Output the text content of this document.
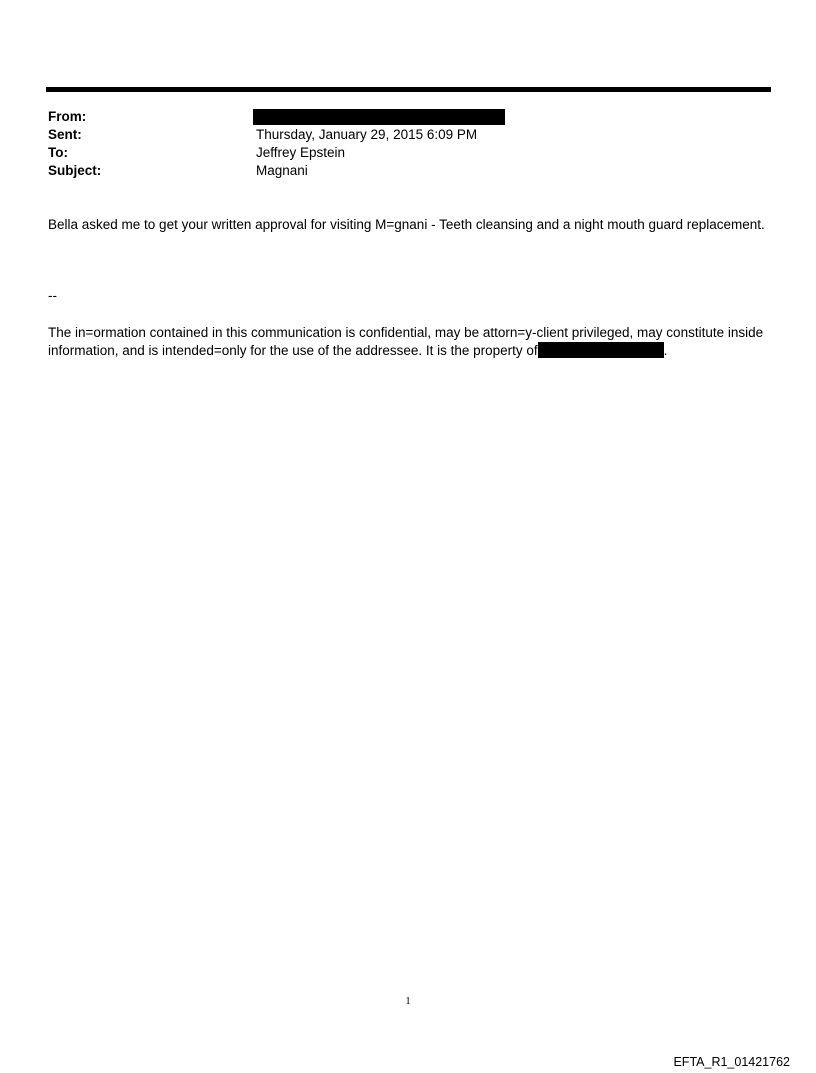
From:
Sent:	Thursday, January 29, 2015 6:09 PM
To:	Jeffrey Epstein
Subject:	Magnani
Bella asked me to get your written approval for visiting M=gnani - Teeth cleansing and a night mouth guard replacement.
--
The in=ormation contained in this communication is confidential, may be attorn=y-client privileged, may constitute inside information, and is intended=only for the use of the addressee. It is the property of	.
1
EFTA_R1_01421762
